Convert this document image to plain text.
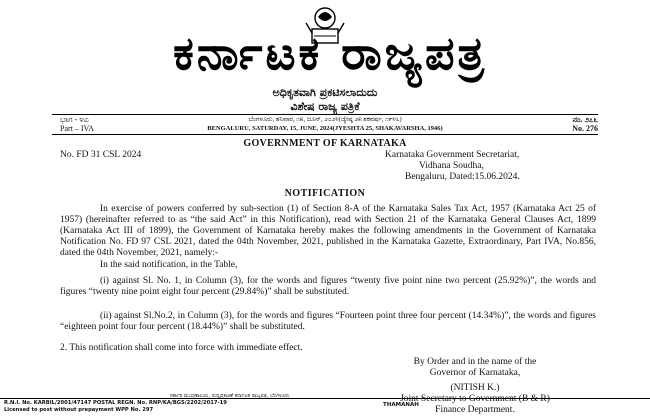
ಕರ್ನಾಟಕ ರಾಜ್ಯಪತ್ರ
ಅಧಿಕೃತವಾಗಿ ಪ್ರಕಟಿಸಲಾದುದು
ವಿಶೇಷ ರಾಜ್ಯ ಪತ್ರಿಕೆ
ಭಾಗ - ೪ಎ
Part – IVA
ಬೆಂಗಳೂರು, ಶನಿವಾರ, ೧೫, ಜೂನ್, ೨೦೨೪(ಜ್ಯೇಷ್ಠ ೨೫ ಶಕವರ್ಷ, ೧೯೪೬)
BENGALURU, SATURDAY, 15, JUNE, 2024(JYESHTA 25, SHAKAVARSHA, 1946)
ನಂ. ೨೭೬
No. 276
GOVERNMENT OF KARNATAKA
No. FD 31 CSL 2024	Karnataka Government Secretariat,
Vidhana Soudha,
Bengaluru, Dated:15.06.2024.
NOTIFICATION
In exercise of powers conferred by sub-section (1) of Section 8-A of the Karnataka Sales Tax Act, 1957 (Karnataka Act 25 of 1957) (hereinafter referred to as “the said Act” in this Notification), read with Section 21 of the Karnataka General Clauses Act, 1899 (Karnataka Act III of 1899), the Government of Karnataka hereby makes the following amendments in the Government of Karnataka Notification No. FD 97 CSL 2021, dated the 04th November, 2021, published in the Karnataka Gazette, Extraordinary, Part IVA, No.856, dated the 04th November, 2021, namely:-
In the said notification, in the Table,
(i) against Sl. No. 1, in Column (3), for the words and figures “twenty five point nine two percent (25.92%)”, the words and figures “twenty nine point eight four percent (29.84%)” shall be substituted.
(ii) against Sl.No.2, in Column (3), for the words and figures “Fourteen point three four percent (14.34%)”, the words and figures “eighteen point four four percent (18.44%)” shall be substituted.
2. This notification shall come into force with immediate effect.
By Order and in the name of the
Governor of Karnataka,
(NITISH K.)
Joint Secretary to Government (B & R)
Finance Department.
R.N.I. No. KARBIL/2001/47147 POSTAL REGN. No. RNP/KA/BGS/2202/2017-19
Licensed to post without prepayment WPP No. 297
ಸರ್ಕಾರಿ ಮುದ್ರಣಾಲಯ, ಸುದ್ದಿಪ್ರಕಟಣೆ ಕರ್ನಾಟಕ ರಾಜ್ಯಪತ್ರ, ಬೆಂಗಳೂರು
THAMANAH
